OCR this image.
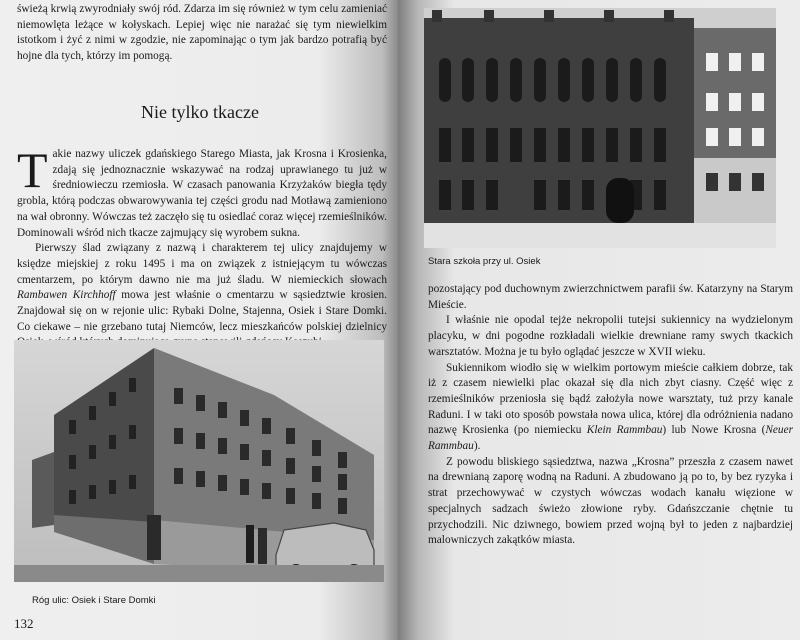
świeżą krwią zwyrodniały swój ród. Zdarza im się również w tym celu zamieniać niemowlęta leżące w kołyskach. Lepiej więc nie narażać się tym niewielkim istotkom i żyć z nimi w zgodzie, nie zapominając o tym jak bardzo potrafią być hojne dla tych, którzy im pomogą.
Nie tylko tkacze
Takie nazwy uliczek gdańskiego Starego Miasta, jak Krosna i Krosienka, zdają się jednoznacznie wskazywać na rodzaj uprawianego tu już w średniowieczu rzemiosła. W czasach panowania Krzyżaków biegła tędy grobla, którą podczas obwarowywania tej części grodu nad Motławą zamieniono na wał obronny. Wówczas też zaczęło się tu osiedlać coraz więcej rzemieślników. Dominowali wśród nich tkacze zajmujący się wyrobem sukna.
Pierwszy ślad związany z nazwą i charakterem tej ulicy znajdujemy w księdze miejskiej z roku 1495 i ma on związek z istniejącym tu wówczas cmentarzem, po którym dawno nie ma już śladu. W niemieckich słowach Rambawen Kirchhoff mowa jest właśnie o cmentarzu w sąsiedztwie krosien. Znajdował się on w rejonie ulic: Rybaki Dolne, Stajenna, Osiek i Stare Domki. Co ciekawe – nie grzebano tutaj Niemców, lecz mieszkańców polskiej dzielnicy
Róg ulic: Osiek i Stare Domki
132
Stara szkoła przy ul. Osiek
pozostający pod duchownym zwierzchnictwem parafii św. Katarzyny na Starym Mieście.
I właśnie nie opodal tejże nekropolii tutejsi sukiennicy na wydzielonym placyku, w dni pogodne rozkładali wielkie drewniane ramy swych tkackich warsztatów. Można je tu było oglądać jeszcze w XVII wieku.
Sukiennikom wiodło się w wielkim portowym mieście całkiem dobrze, tak iż z czasem niewielki plac okazał się dla nich zbyt ciasny. Część więc z rzemieślników przeniosła się bądź założyła nowe warsztaty, tuż przy kanale Raduni. I w taki oto sposób powstała nowa ulica, której dla odróżnienia nadano nazwę Krosienka (po niemiecku Klein Rammbau) lub Nowe Krosna (Neuer Rammbau).
Z powodu bliskiego sąsiedztwa, nazwa „Krosna” przeszła z czasem nawet na drewnianą zaporę wodną na Raduni. A zbudowano ją po to, by bez ryzyka i strat przechowywać w czystych wówczas wodach kanału więzione w specjalnych sadzach świeżo złowione ryby. Gdańszczanie chętnie tu przychodzili. Nic dziwnego, bowiem przed wojną był to jeden z najbardziej malowniczych zakątków miasta.
